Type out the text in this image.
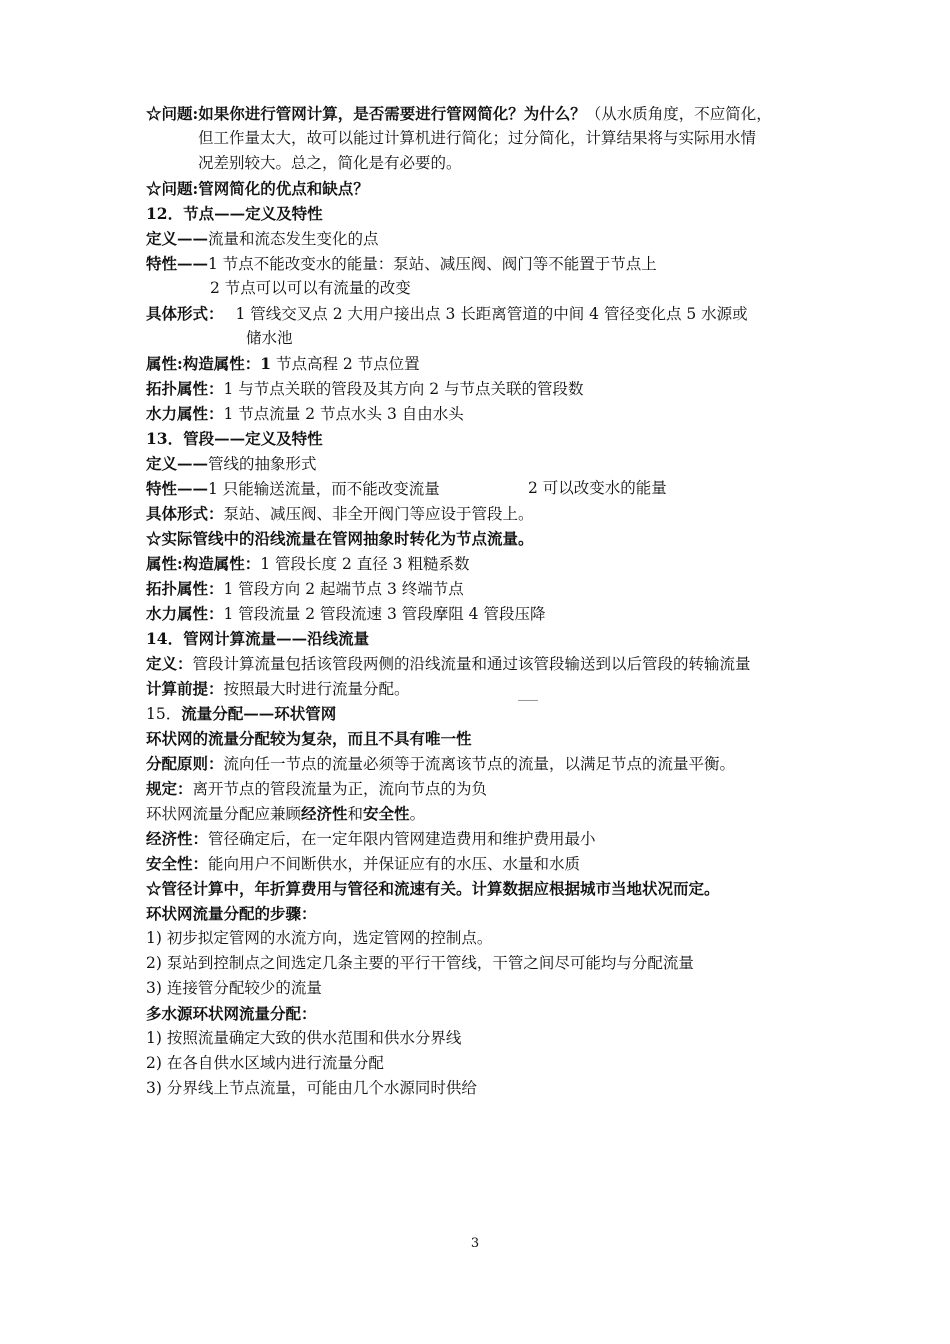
☆问题:如果你进行管网计算，是否需要进行管网简化？为什么？（从水质角度，不应简化，
但工作量太大，故可以能过计算机进行简化；过分简化，计算结果将与实际用水情
况差别较大。总之，简化是有必要的。
☆问题:管网简化的优点和缺点？
12．节点——定义及特性
定义——流量和流态发生变化的点
特性——1 节点不能改变水的能量：泵站、减压阀、阀门等不能置于节点上
2 节点可以可以有流量的改变
具体形式： 1 管线交叉点 2 大用户接出点 3 长距离管道的中间 4 管径变化点 5 水源或
储水池
属性:构造属性：1 节点高程 2 节点位置
拓扑属性：1 与节点关联的管段及其方向 2 与节点关联的管段数
水力属性：1 节点流量 2 节点水头 3 自由水头
13．管段——定义及特性
定义——管线的抽象形式
特性——1 只能输送流量，而不能改变流量	2 可以改变水的能量
具体形式：泵站、减压阀、非全开阀门等应设于管段上。
☆实际管线中的沿线流量在管网抽象时转化为节点流量。
属性:构造属性：1 管段长度 2 直径 3 粗糙系数
拓扑属性：1 管段方向 2 起端节点 3 终端节点
水力属性：1 管段流量 2 管段流速 3 管段摩阻 4 管段压降
14．管网计算流量——沿线流量
定义：管段计算流量包括该管段两侧的沿线流量和通过该管段输送到以后管段的转输流量
计算前提：按照最大时进行流量分配。
15．流量分配——环状管网
环状网的流量分配较为复杂，而且不具有唯一性
分配原则：流向任一节点的流量必须等于流离该节点的流量，以满足节点的流量平衡。
规定：离开节点的管段流量为正，流向节点的为负
环状网流量分配应兼顾经济性和安全性。
经济性：管径确定后，在一定年限内管网建造费用和维护费用最小
安全性：能向用户不间断供水，并保证应有的水压、水量和水质
☆管径计算中，年折算费用与管径和流速有关。计算数据应根据城市当地状况而定。
环状网流量分配的步骤：
1) 初步拟定管网的水流方向，选定管网的控制点。
2) 泵站到控制点之间选定几条主要的平行干管线，干管之间尽可能均与分配流量
3) 连接管分配较少的流量
多水源环状网流量分配：
1) 按照流量确定大致的供水范围和供水分界线
2) 在各自供水区域内进行流量分配
3) 分界线上节点流量，可能由几个水源同时供给
3
